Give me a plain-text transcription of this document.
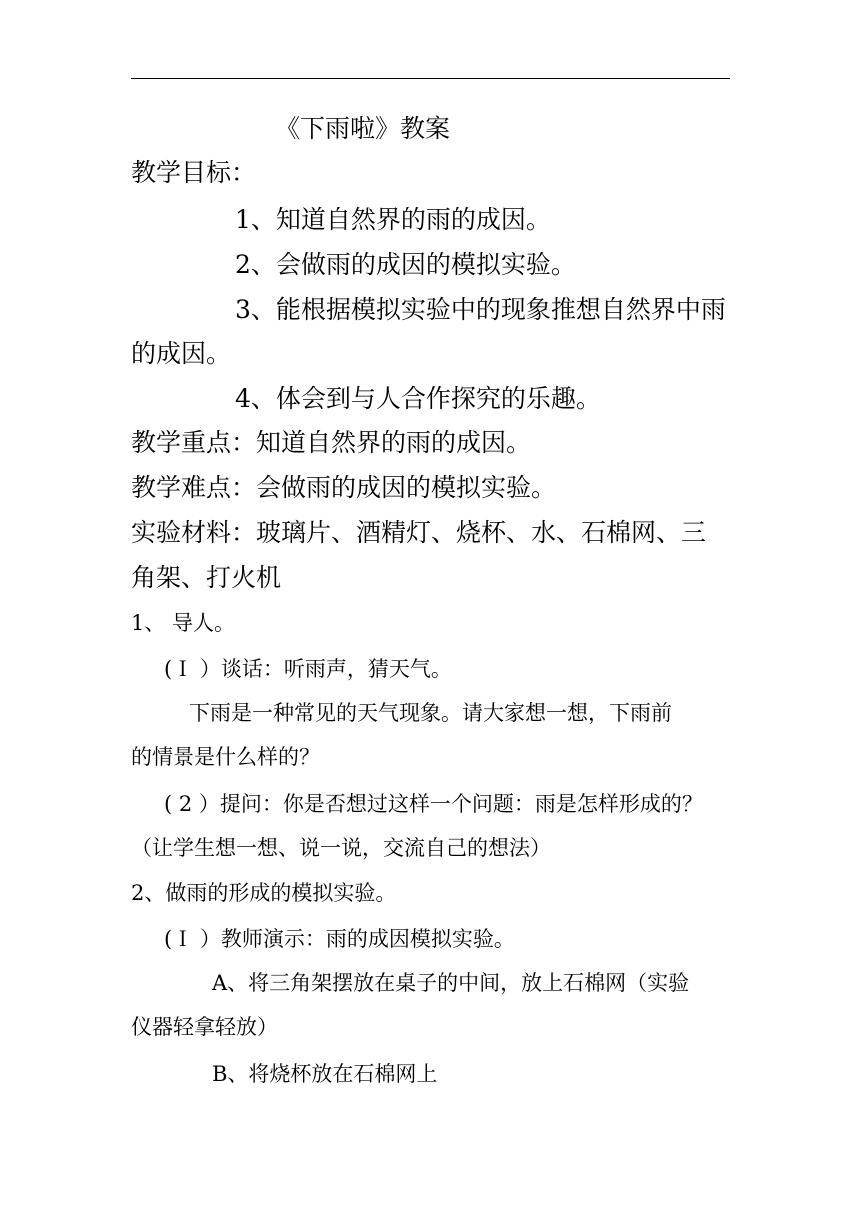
《下雨啦》教案
教学目标：
1、知道自然界的雨的成因。
2、会做雨的成因的模拟实验。
3、能根据模拟实验中的现象推想自然界中雨
的成因。
4、体会到与人合作探究的乐趣。
教学重点：知道自然界的雨的成因。
教学难点：会做雨的成因的模拟实验。
实验材料：玻璃片、酒精灯、烧杯、水、石棉网、三
角架、打火机
1、 导人。
(Ｉ ）谈话：听雨声，猜天气。
下雨是一种常见的天气现象。请大家想一想，下雨前
的情景是什么样的？
( 2 ）提问：你是否想过这样一个问题：雨是怎样形成的？
（让学生想一想、说一说，交流自己的想法）
2、做雨的形成的模拟实验。
(Ｉ ）教师演示：雨的成因模拟实验。
A、将三角架摆放在桌子的中间，放上石棉网（实验
仪器轻拿轻放）
B、将烧杯放在石棉网上
